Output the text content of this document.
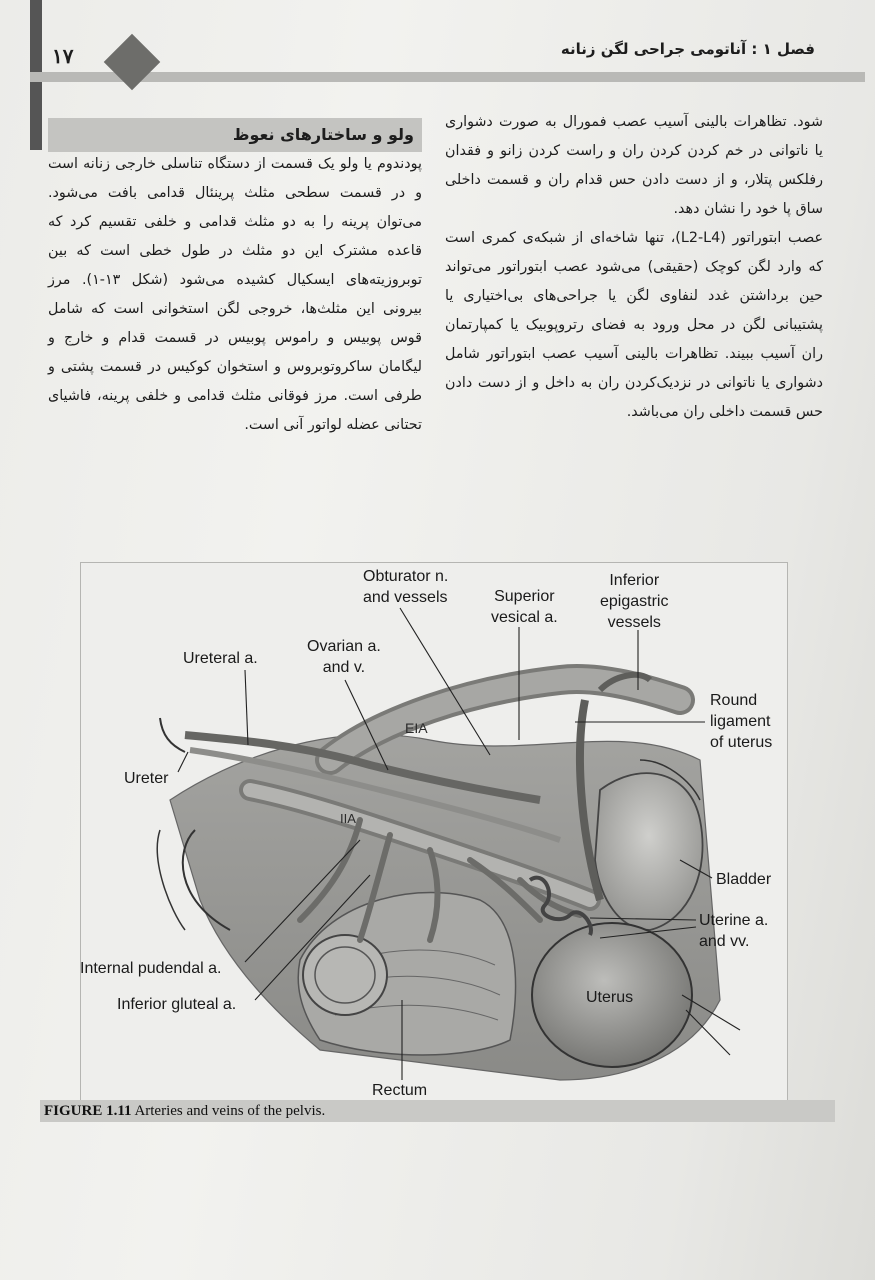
۱۷	فصل ۱ : آناتومی جراحی لگن زنانه

شود. تظاهرات بالینی آسیب عصب فمورال به صورت دشواری یا ناتوانی در خم کردن کردن ران و راست کردن زانو و فقدان رفلکس پتلار، و از دست دادن حس قدام ران و قسمت داخلی ساق پا خود را نشان دهد.

عصب ابتوراتور (L2-L4)، تنها شاخه‌ای از شبکه‌ی کمری است که وارد لگن کوچک (حقیقی) می‌شود عصب ابتوراتور می‌تواند حین برداشتن غدد لنفاوی لگن یا جراحی‌های بی‌اختیاری یا پشتیبانی لگن در محل ورود به فضای رتروپوبیک یا کمپارتمان ران آسیب ببیند. تظاهرات بالینی آسیب عصب ابتوراتور شامل دشواری یا ناتوانی در نزدیک‌کردن ران به داخل و از دست دادن حس قسمت داخلی ران می‌باشد.

ولو و ساختارهای نعوظ

پودندوم یا ولو یک قسمت از دستگاه تناسلی خارجی زنانه است و در قسمت سطحی مثلث پرینئال قدامی بافت می‌شود. می‌توان پرینه را به دو مثلث قدامی و خلفی تقسیم کرد که قاعده مشترک این دو مثلث در طول خطی است که بین توبروزیته‌های ایسکیال کشیده می‌شود (شکل ۱۳-۱). مرز بیرونی این مثلث‌ها، خروجی لگن استخوانی است که شامل قوس پوبیس و راموس پوبیس در قسمت قدام و خارج و لیگامان ساکروتوبروس و استخوان کوکیس در قسمت پشتی و طرفی است. مرز فوقانی مثلث قدامی و خلفی پرینه، فاشیای تحتانی عضله لواتور آنی است.

Obturator n.
and vessels	Superior
vesical a.
Inferior
epigastric
vessels
Ovarian a.
and v.
Ureteral a.
Round
ligament
of uterus
Ureter
EIA
IIA
Bladder
Uterine a.
and vv.
Internal pudendal a.
Inferior gluteal a.	Uterus
Rectum
FIGURE 1.11 Arteries and veins of the pelvis.
